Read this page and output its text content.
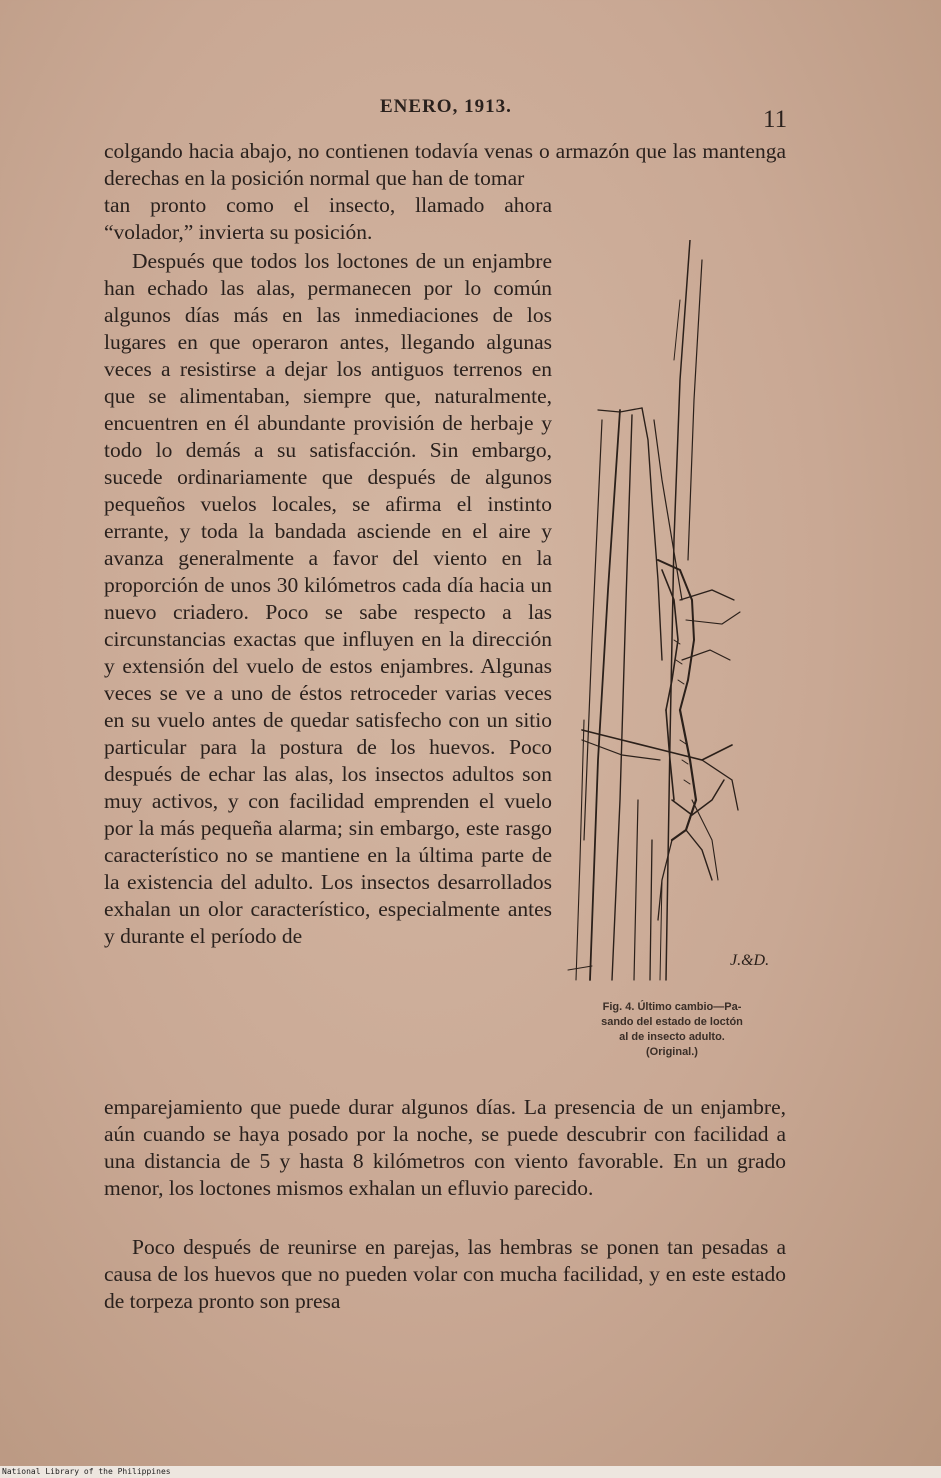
ENERO, 1913.	11

colgando hacia abajo, no contienen todavía venas o armazón que las mantenga derechas en la posición normal que han de tomar

tan pronto como el insecto, llamado ahora “volador,” invierta su posición.

Después que todos los loctones de un enjambre han echado las alas, permanecen por lo común algunos días más en las inmediaciones de los lugares en que operaron antes, llegando algunas veces a resistirse a dejar los antiguos terrenos en que se alimentaban, siempre que, naturalmente, encuentren en él abundante provisión de herbaje y todo lo demás a su satisfacción. Sin embargo, sucede ordinariamente que después de algunos pequeños vuelos locales, se afirma el instinto errante, y toda la bandada asciende en el aire y avanza generalmente a favor del viento en la proporción de unos 30 kilómetros cada día hacia un nuevo criadero. Poco se sabe respecto a las circunstancias exactas que influyen en la dirección y extensión del vuelo de estos enjambres. Algunas veces se ve a uno de éstos retroceder varias veces en su vuelo antes de quedar satisfecho con un sitio particular para la postura de los huevos. Poco después de echar las alas, los insectos adultos son muy activos, y con facilidad emprenden el vuelo por la más pequeña alarma; sin embargo, este rasgo característico no se mantiene en la última parte de la existencia del adulto. Los insectos desarrollados exhalan un olor característico, especialmente antes y durante el período de

emparejamiento que puede durar algunos días. La presencia de un enjambre, aún cuando se haya posado por la noche, se puede descubrir con facilidad a una distancia de 5 y hasta 8 kilómetros con viento favorable. En un grado menor, los loctones mismos exhalan un efluvio parecido.

Poco después de reunirse en parejas, las hembras se ponen tan pesadas a causa de los huevos que no pueden volar con mucha facilidad, y en este estado de torpeza pronto son presa

J.&D.
Fig. 4. Último cambio—Pa-
sando del estado de loctón
al de insecto adulto.
(Original.)
National Library of the Philippines
